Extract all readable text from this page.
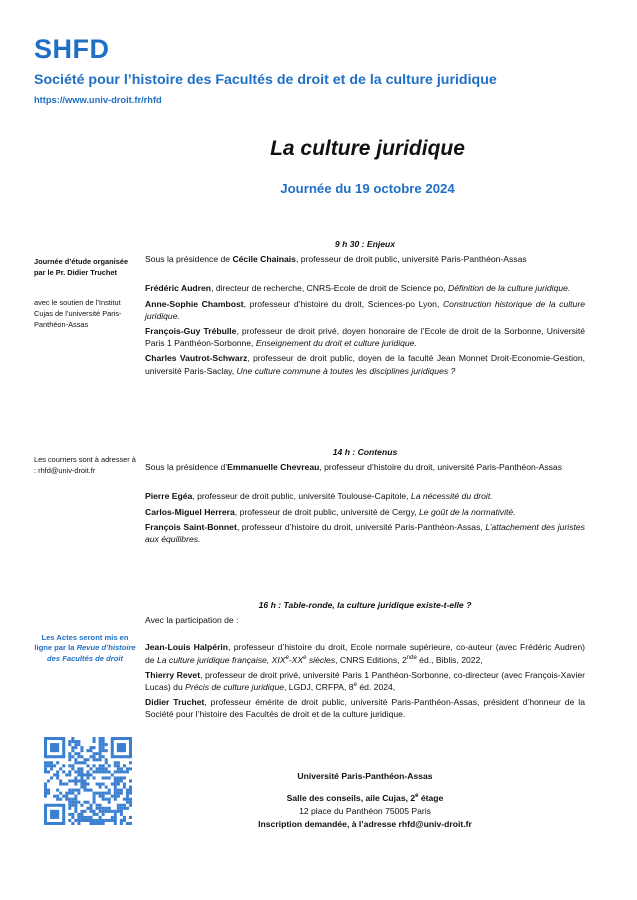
SHFD
Société pour l’histoire des Facultés de droit et de la culture juridique
https://www.univ-droit.fr/rhfd
La culture juridique
Journée du 19 octobre 2024
Journée d’étude organisée par le Pr. Didier Truchet
avec le soutien de l’Institut Cujas de l’université Paris-Panthéon-Assas
Les courriers sont à adresser à : rhfd@univ-droit.fr
Les Actes seront mis en ligne par la Revue d’histoire des Facultés de droit

9 h 30 : Enjeux

Sous la présidence de Cécile Chainais, professeur de droit public, université Paris-Panthéon-Assas

Frédéric Audren, directeur de recherche, CNRS-Ecole de droit de Science po, Définition de la culture juridique.

Anne-Sophie Chambost, professeur d’histoire du droit, Sciences-po Lyon, Construction historique de la culture juridique.

François-Guy Trébulle, professeur de droit privé, doyen honoraire de l’Ecole de droit de la Sorbonne, Université Paris 1 Panthéon-Sorbonne, Enseignement du droit et culture juridique.

Charles Vautrot-Schwarz, professeur de droit public, doyen de la faculté Jean Monnet Droit-Economie-Gestion, université Paris-Saclay, Une culture commune à toutes les disciplines juridiques ?

14 h : Contenus

Sous la présidence d’Emmanuelle Chevreau, professeur d’histoire du droit, université Paris-Panthéon-Assas

Pierre Egéa, professeur de droit public, université Toulouse-Capitole, La nécessité du droit.

Carlos-Miguel Herrera, professeur de droit public, université de Cergy, Le goût de la normativité.

François Saint-Bonnet, professeur d’histoire du droit, université Paris-Panthéon-Assas, L’attachement des juristes aux équilibres.

16 h : Table-ronde, la culture juridique existe-t-elle ?

Avec la participation de :

Jean-Louis Halpérin, professeur d’histoire du droit, Ecole normale supérieure, co-auteur (avec Frédéric Audren) de La culture juridique française, XIXe-XXe siècles, CNRS Editions, 2nde éd., Biblis, 2022,

Thierry Revet, professeur de droit privé, université Paris 1 Panthéon-Sorbonne, co-directeur (avec François-Xavier Lucas) du Précis de culture juridique, LGDJ, CRFPA, 8e éd. 2024,

Didier Truchet, professeur émérite de droit public, université Paris-Panthéon-Assas, président d’honneur de la Société pour l’histoire des Facultés de droit et de la culture juridique.

Université Paris-Panthéon-Assas

Salle des conseils, aile Cujas, 2e étage

12 place du Panthéon 75005 Paris

Inscription demandée, à l’adresse rhfd@univ-droit.fr
